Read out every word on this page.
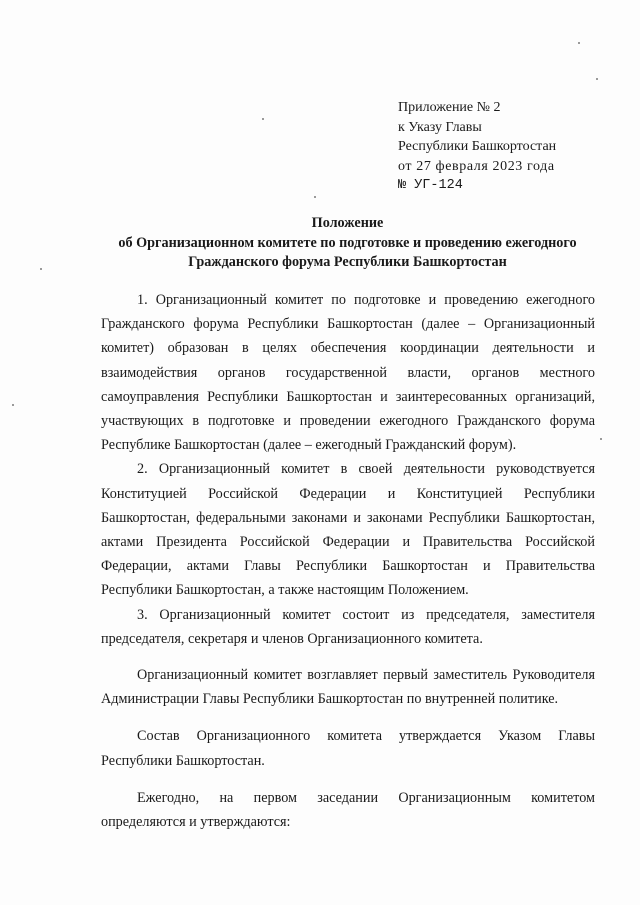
Приложение № 2
к Указу Главы
Республики Башкортостан
от 27 февраля 2023 года
№ УГ-124
Положение
об Организационном комитете по подготовке и проведению ежегодного
Гражданского форума Республики Башкортостан

1. Организационный комитет по подготовке и проведению ежегодного Гражданского форума Республики Башкортостан (далее – Организационный комитет) образован в целях обеспечения координации деятельности и взаимодействия органов государственной власти, органов местного самоуправления Республики Башкортостан и заинтересованных организаций, участвующих в подготовке и проведении ежегодного Гражданского форума Республике Башкортостан (далее – ежегодный Гражданский форум).

2. Организационный комитет в своей деятельности руководствуется Конституцией Российской Федерации и Конституцией Республики Башкортостан, федеральными законами и законами Республики Башкортостан, актами Президента Российской Федерации и Правительства Российской Федерации, актами Главы Республики Башкортостан и Правительства Республики Башкортостан, а также настоящим Положением.

3. Организационный комитет состоит из председателя, заместителя председателя, секретаря и членов Организационного комитета.

Организационный комитет возглавляет первый заместитель Руководителя Администрации Главы Республики Башкортостан по внутренней политике.

Состав Организационного комитета утверждается Указом Главы Республики Башкортостан.

Ежегодно, на первом заседании Организационным комитетом определяются и утверждаются:
